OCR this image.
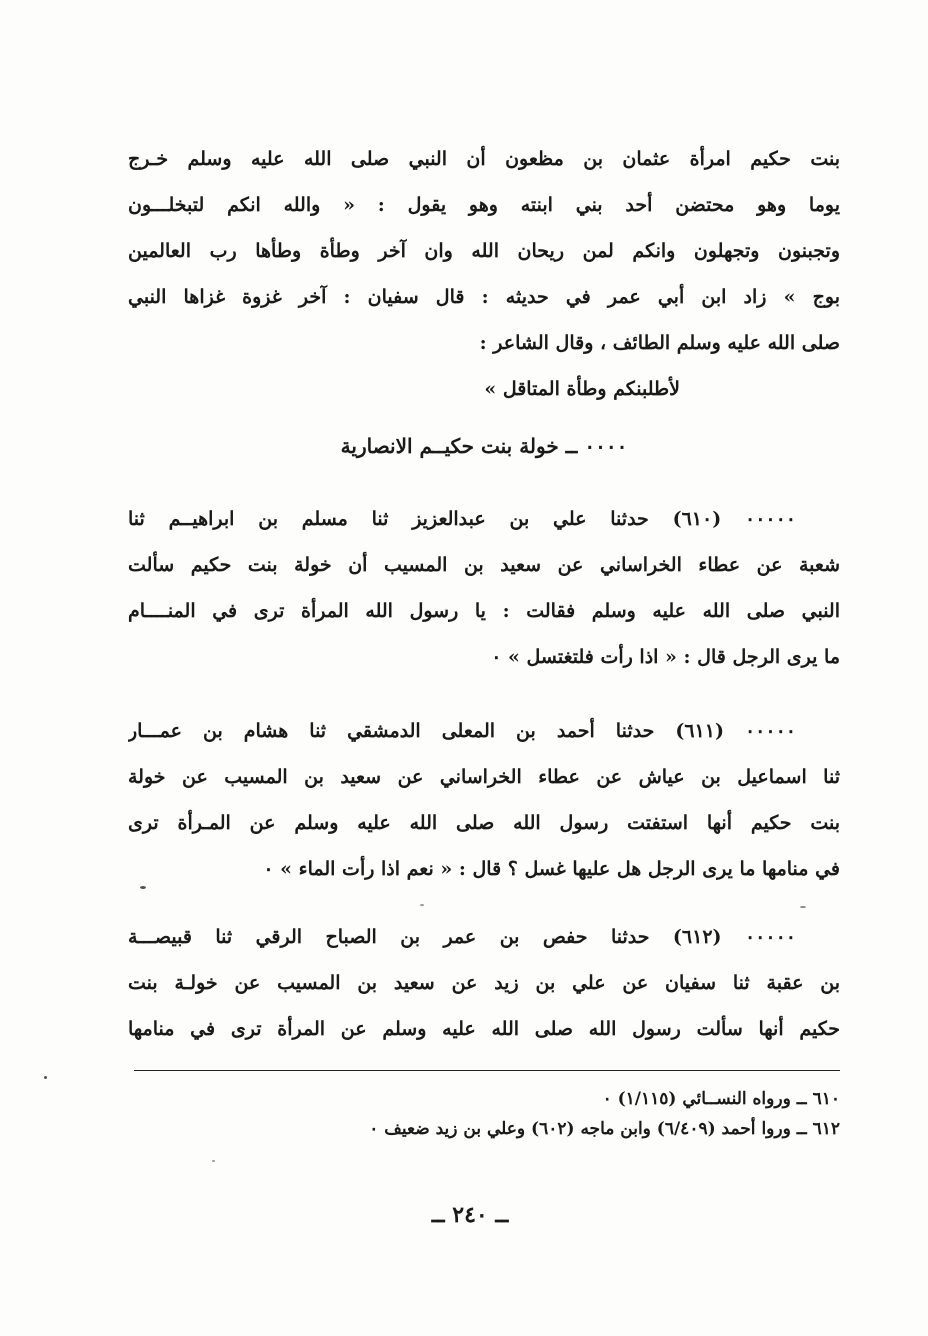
بنت حكيم امرأة عثمان بن مظعون أن النبي صلى الله عليه وسلم خـرج
يوما وهو محتضن أحد بني ابنته وهو يقول : « والله انكم لتبخلـــون
وتجبنون وتجهلون وانكم لمن ريحان الله وان آخر وطأة وطأها رب العالمين
بوج » زاد ابن أبي عمر في حديثه : قال سفيان : آخر غزوة غزاها النبي
صلى الله عليه وسلم الطائف ، وقال الشاعر :
لأطلبنكم وطأة المتاقل »
٠٠٠٠ ــ خولة بنت حكيــم الانصارية
٠٠٠٠٠ (٦١٠) حدثنا علي بن عبدالعزيز ثنا مسلم بن ابراهيــم ثنا
شعبة عن عطاء الخراساني عن سعيد بن المسيب أن خولة بنت حكيم سألت
النبي صلى الله عليه وسلم فقالت : يا رسول الله المرأة ترى في المنــــام
ما يرى الرجل قال : « اذا رأت فلتغتسل » ٠
٠٠٠٠٠ (٦١١) حدثنا أحمد بن المعلى الدمشقي ثنا هشام بن عمـــار
ثنا اسماعيل بن عياش عن عطاء الخراساني عن سعيد بن المسيب عن خولة
بنت حكيم أنها استفتت رسول الله صلى الله عليه وسلم عن المـرأة ترى
في منامها ما يرى الرجل هل عليها غسل ؟ قال : « نعم اذا رأت الماء » ٠
٠٠٠٠٠ (٦١٢) حدثنا حفص بن عمر بن الصباح الرقي ثنا قبيصـــة
بن عقبة ثنا سفيان عن علي بن زيد عن سعيد بن المسيب عن خولـة بنت
حكيم أنها سألت رسول الله صلى الله عليه وسلم عن المرأة ترى في منامها
٦١٠ ــ ورواه النســائي (١/١١٥) ٠
٦١٢ ــ وروا أحمد (٦/٤٠٩) وابن ماجه (٦٠٢) وعلي بن زيد ضعيف ٠
ــ ٢٤٠ ــ
